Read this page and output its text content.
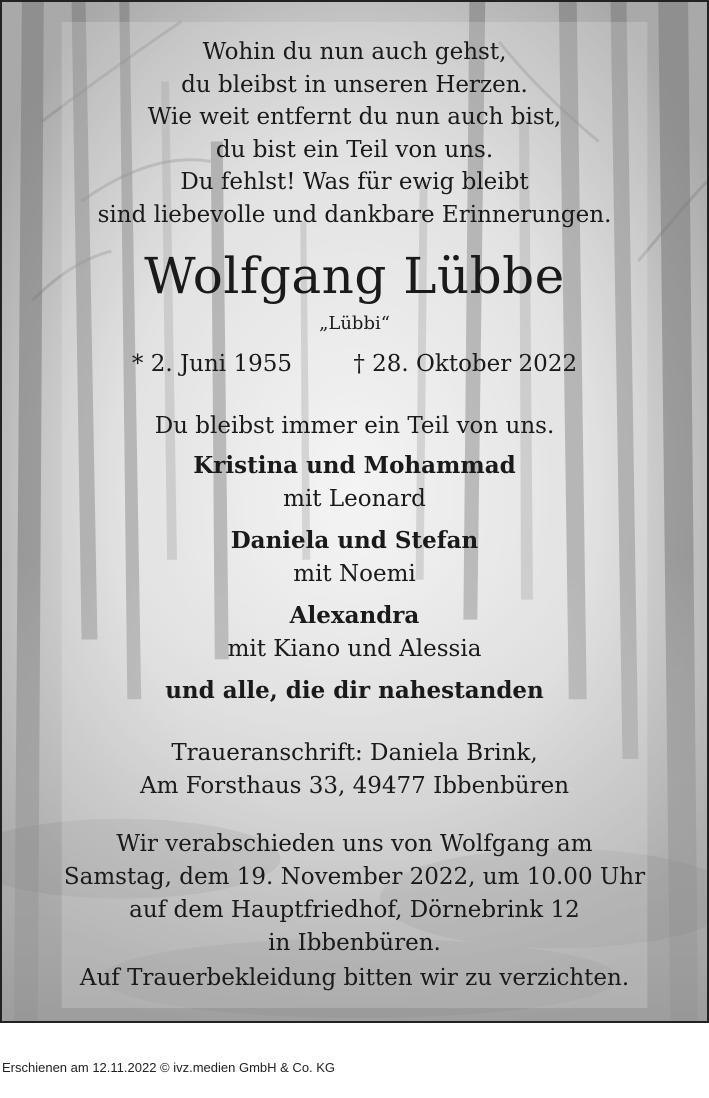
Wohin du nun auch gehst,
du bleibst in unseren Herzen.
Wie weit entfernt du nun auch bist,
du bist ein Teil von uns.
Du fehlst! Was für ewig bleibt
sind liebevolle und dankbare Erinnerungen.
Wolfgang Lübbe
„Lübbi“
* 2. Juni 1955	† 28. Oktober 2022
Du bleibst immer ein Teil von uns.
Kristina und Mohammad
mit Leonard
Daniela und Stefan
mit Noemi
Alexandra
mit Kiano und Alessia
und alle, die dir nahestanden
Traueranschrift: Daniela Brink,
Am Forsthaus 33, 49477 Ibbenbüren
Wir verabschieden uns von Wolfgang am
Samstag, dem 19. November 2022, um 10.00 Uhr
auf dem Hauptfriedhof, Dörnebrink 12
in Ibbenbüren.
Auf Trauerbekleidung bitten wir zu verzichten.
Erschienen am 12.11.2022 © ivz.medien GmbH & Co. KG
